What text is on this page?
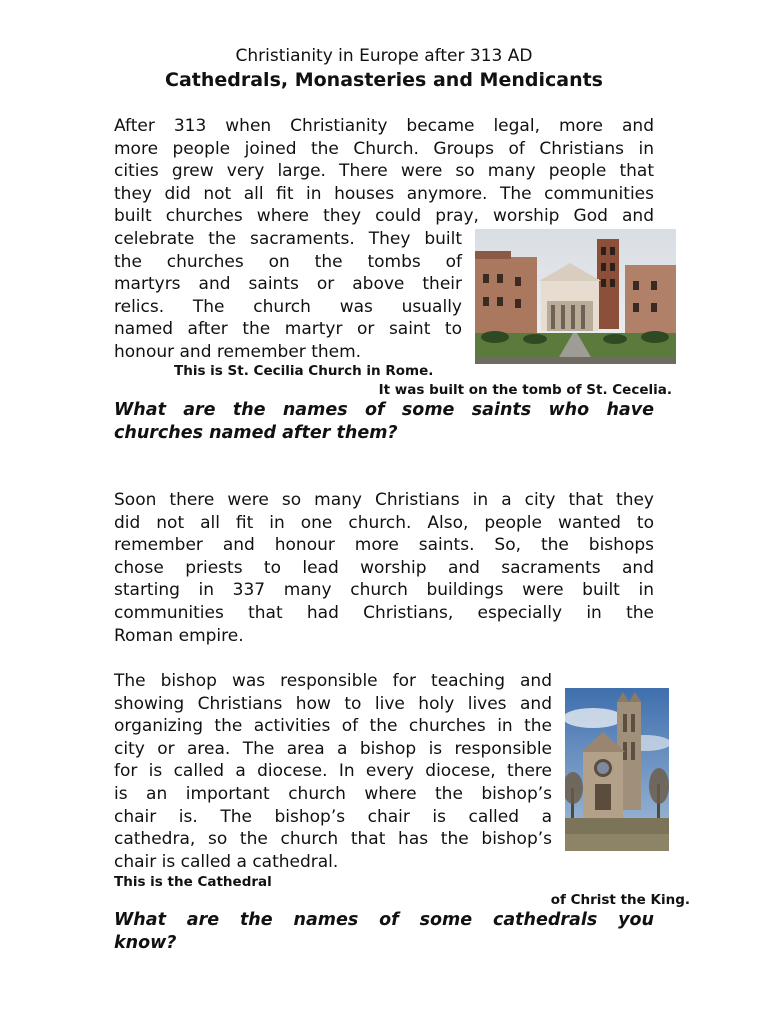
Christianity in Europe after 313 AD
Cathedrals, Monasteries and Mendicants
After 313 when Christianity became legal, more and
more people joined the Church. Groups of Christians in
cities grew very large. There were so many people that
they did not all fit in houses anymore. The communities
built churches where they could pray, worship God and
celebrate the sacraments. They built
the churches on the tombs of
martyrs and saints or above their
relics. The church was usually
named after the martyr or saint to
honour and remember them.
This is St. Cecilia Church in Rome.
It was built on the tomb of St. Cecelia.
What are the names of some saints who have
churches named after them?
Soon there were so many Christians in a city that they
did not all fit in one church. Also, people wanted to
remember and honour more saints. So, the bishops
chose priests to lead worship and sacraments and
starting in 337 many church buildings were built in
communities that had Christians, especially in the
Roman empire.
The bishop was responsible for teaching and
showing Christians how to live holy lives and
organizing the activities of the churches in the
city or area. The area a bishop is responsible
for is called a diocese. In every diocese, there
is an important church where the bishop’s
chair is. The bishop’s chair is called a
cathedra, so the church that has the bishop’s
chair is called a cathedral.
This is the Cathedral
of Christ the King.
What are the names of some cathedrals you
know?
